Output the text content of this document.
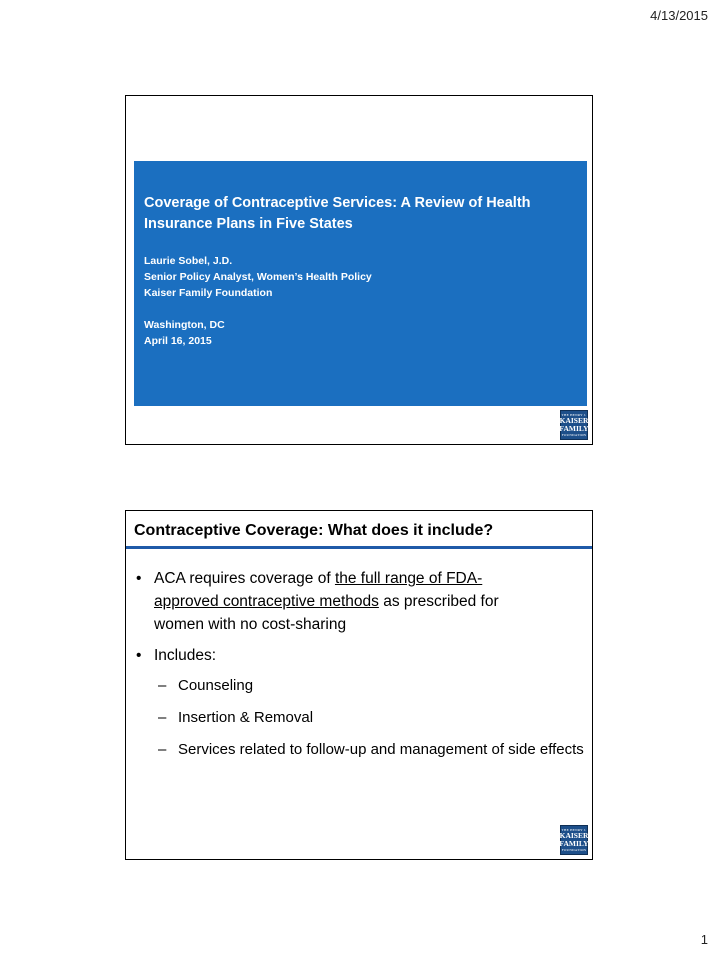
4/13/2015

Coverage of Contraceptive Services: A Review of Health
Insurance Plans in Five States

Laurie Sobel, J.D.
Senior Policy Analyst, Women’s Health Policy
Kaiser Family Foundation
Washington, DC
April 16, 2015
THE HENRY J.
KAISER
FAMILY
FOUNDATION
Contraceptive Coverage: What does it include?
• ACA requires coverage of the full range of FDA-
approved contraceptive methods as prescribed for
women with no cost-sharing
• Includes:
– Counseling
– Insertion & Removal
– Services related to follow-up and management of side effects
THE HENRY J.
KAISER
FAMILY
FOUNDATION
1
